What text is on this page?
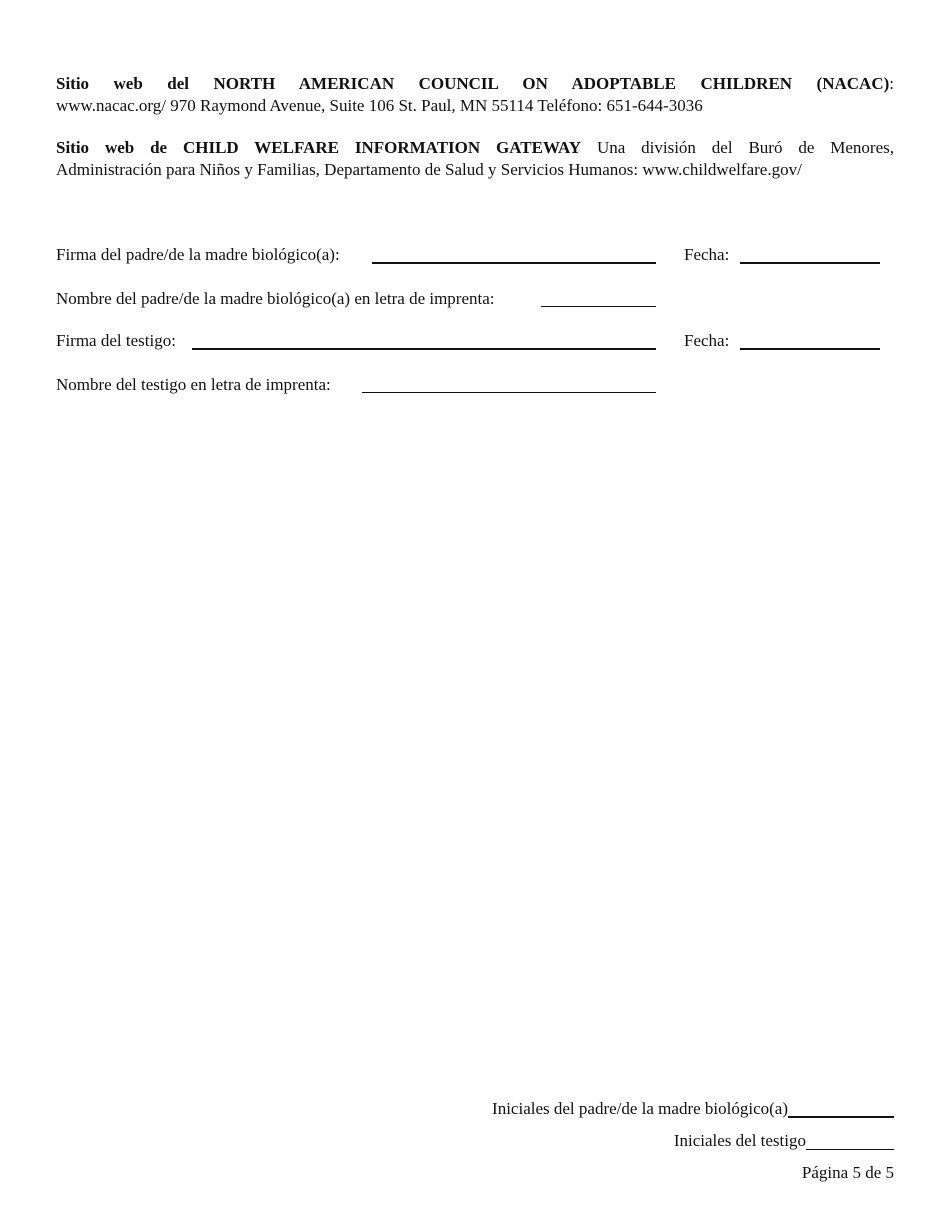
Sitio web del NORTH AMERICAN COUNCIL ON ADOPTABLE CHILDREN (NACAC):
www.nacac.org/ 970 Raymond Avenue, Suite 106 St. Paul, MN 55114 Teléfono: 651-644-3036
Sitio web de CHILD WELFARE INFORMATION GATEWAY Una división del Buró de Menores,
Administración para Niños y Familias, Departamento de Salud y Servicios Humanos: www.childwelfare.gov/
Firma del padre/de la madre biológico(a):	Fecha:
Nombre del padre/de la madre biológico(a) en letra de imprenta:
Firma del testigo:	Fecha:
Nombre del testigo en letra de imprenta:
Iniciales del padre/de la madre biológico(a)
Iniciales del testigo
Página 5 de 5
